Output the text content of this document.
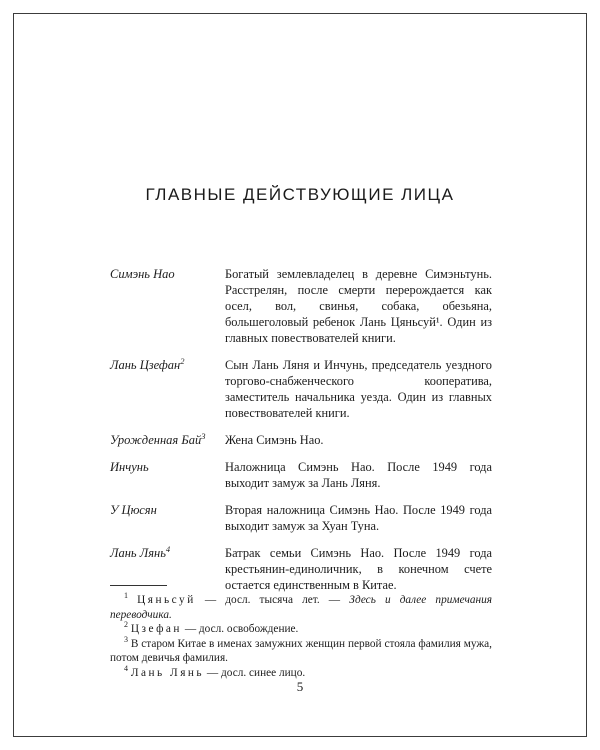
ГЛАВНЫЕ ДЕЙСТВУЮЩИЕ ЛИЦА
Симэнь Нао	Богатый землевладелец в деревне Симэньтунь. Расстрелян, после смерти перерождается как осел, вол, свинья, собака, обезьяна, большеголовый ребенок Лань Цяньсуй¹. Один из главных повествователей книги.
Лань Цзефан$^2$	Сын Лань Ляня и Инчунь, председатель уездного торгово-снабженческого кооператива, заместитель начальника уезда. Один из главных повествователей книги.
Урожденная Бай$^3$	Жена Симэнь Нао.
Инчунь	Наложница Симэнь Нао. После 1949 года выходит замуж за Лань Ляня.
У Цюсян	Вторая наложница Симэнь Нао. После 1949 года выходит замуж за Хуан Туна.
Лань Лянь$^4$	Батрак семьи Симэнь Нао. После 1949 года крестьянин-единоличник, в конечном счете остается единственным в Китае.

$^1$ Цяньсуй — досл. тысяча лет. — Здесь и далее примечания переводчика.

$^2$ Цзефан — досл. освобождение.

$^3$ В старом Китае в именах замужних женщин первой стояла фамилия мужа, потом девичья фамилия.

$^4$ Лань Лянь — досл. синее лицо.

5
